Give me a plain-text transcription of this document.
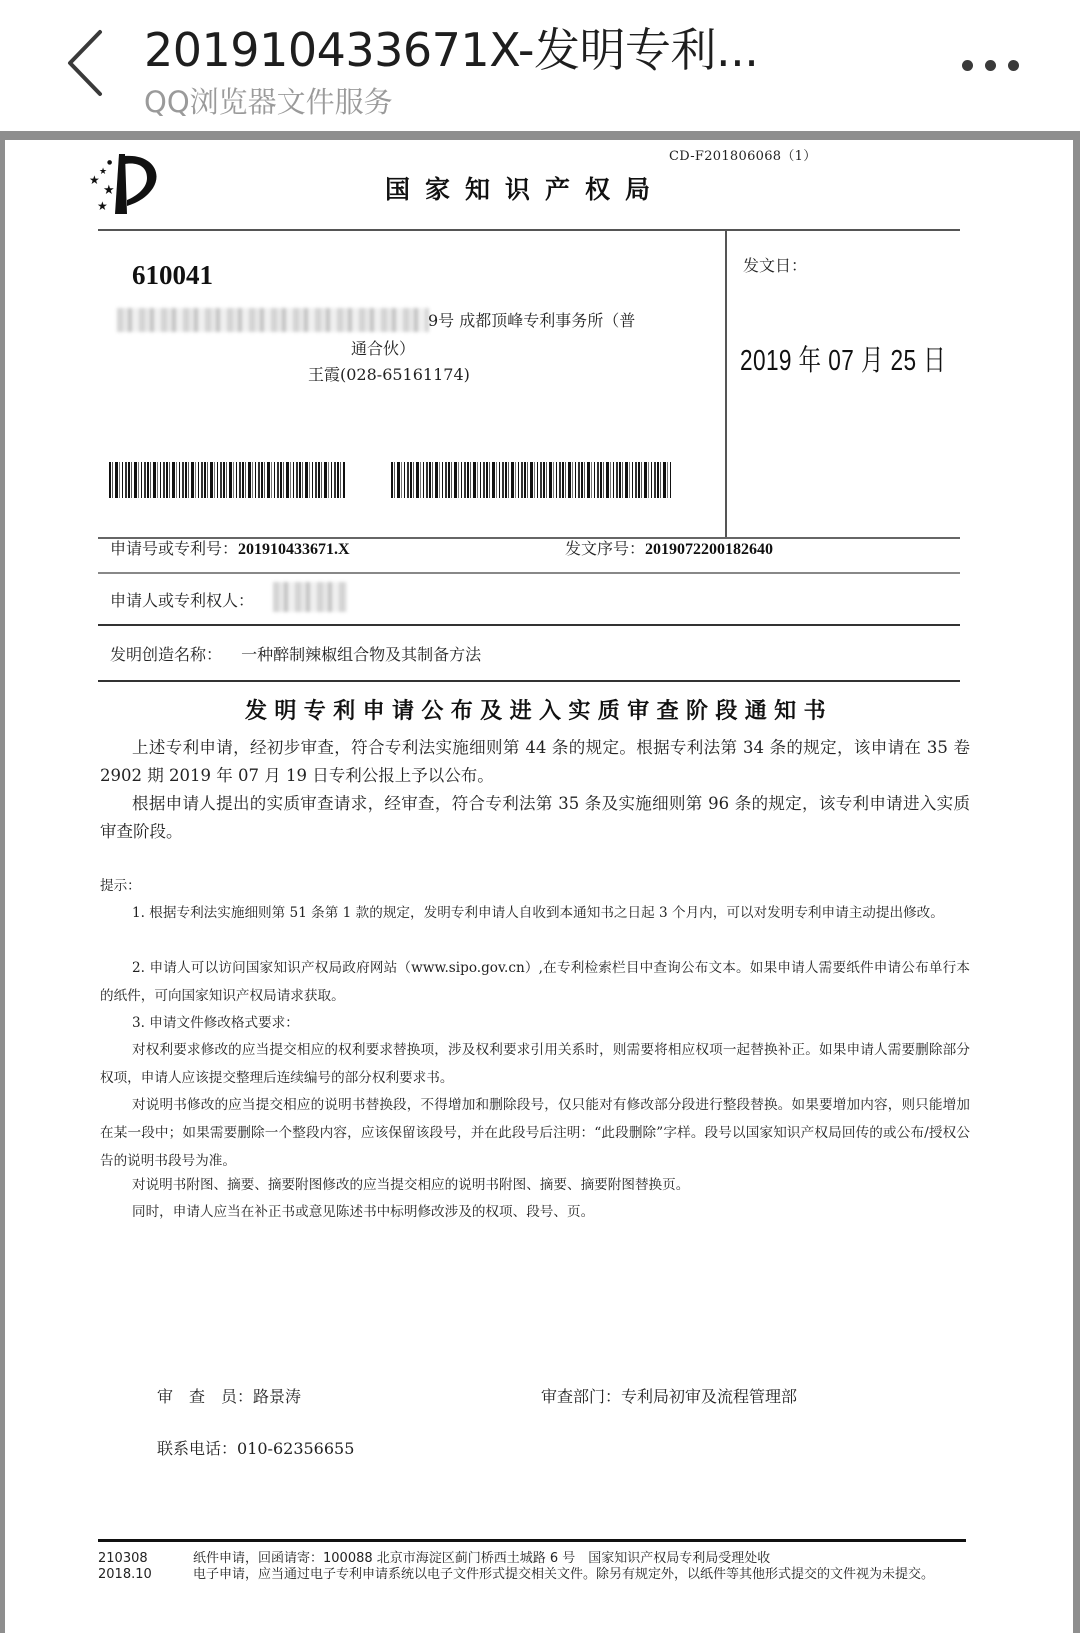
201910433671X-发明专利...
QQ浏览器文件服务
★
★
★
●
★
CD-F201806068（1）
国家知识产权局
610041
9号 成都顶峰专利事务所（普
通合伙）
王霞(028-65161174)
发文日：
2019 年 07 月 25 日
申请号或专利号：201910433671.X	发文序号：2019072200182640
申请人或专利权人：
发明创造名称： 一种醉制辣椒组合物及其制备方法
发明专利申请公布及进入实质审查阶段通知书

上述专利申请，经初步审查，符合专利法实施细则第 44 条的规定。根据专利法第 34 条的规定，该申请在 35 卷 2902 期 2019 年 07 月 19 日专利公报上予以公布。

根据申请人提出的实质审查请求，经审查，符合专利法第 35 条及实施细则第 96 条的规定，该专利申请进入实质审查阶段。

提示：

1. 根据专利法实施细则第 51 条第 1 款的规定，发明专利申请人自收到本通知书之日起 3 个月内，可以对发明专利申请主动提出修改。

2. 申请人可以访问国家知识产权局政府网站（www.sipo.gov.cn）,在专利检索栏目中查询公布文本。如果申请人需要纸件申请公布单行本的纸件，可向国家知识产权局请求获取。

3. 申请文件修改格式要求：

对权利要求修改的应当提交相应的权利要求替换项，涉及权利要求引用关系时，则需要将相应权项一起替换补正。如果申请人需要删除部分权项，申请人应该提交整理后连续编号的部分权利要求书。

对说明书修改的应当提交相应的说明书替换段，不得增加和删除段号，仅只能对有修改部分段进行整段替换。如果要增加内容，则只能增加在某一段中；如果需要删除一个整段内容，应该保留该段号，并在此段号后注明：“此段删除”字样。段号以国家知识产权局回传的或公布/授权公告的说明书段号为准。

对说明书附图、摘要、摘要附图修改的应当提交相应的说明书附图、摘要、摘要附图替换页。

同时，申请人应当在补正书或意见陈述书中标明修改涉及的权项、段号、页。

审　查　员：路景涛	审查部门：专利局初审及流程管理部
联系电话：010-62356655
210308
2018.10
纸件申请，回函请寄：100088 北京市海淀区蓟门桥西土城路 6 号　国家知识产权局专利局受理处收
电子申请，应当通过电子专利申请系统以电子文件形式提交相关文件。除另有规定外，以纸件等其他形式提交的文件视为未提交。
